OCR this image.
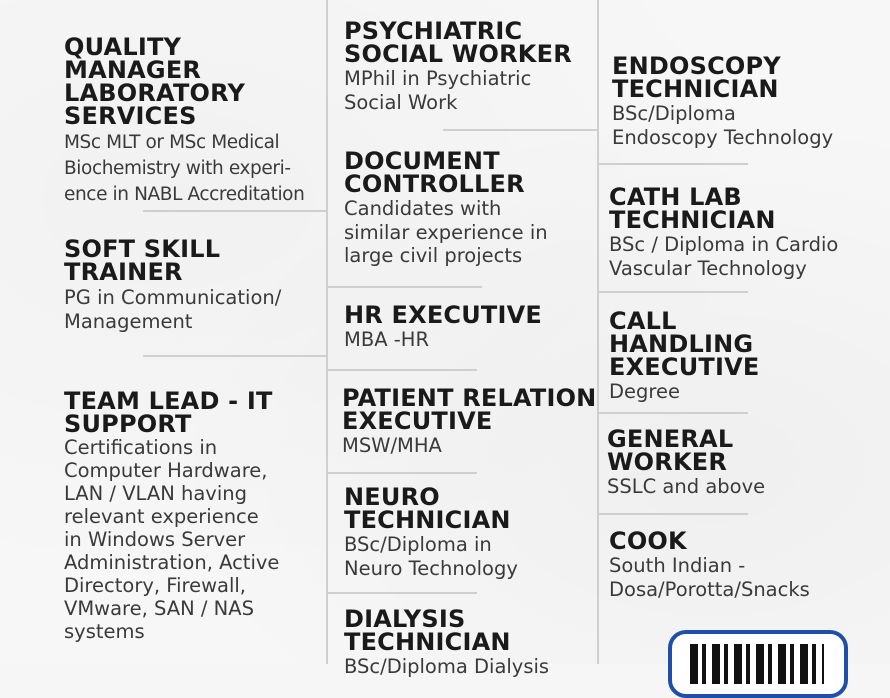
QUALITY MANAGER
LABORATORY
SERVICES
MSc MLT or MSc Medical
Biochemistry with experi-
ence in NABL Accreditation
SOFT SKILL
TRAINER
PG in Communication/
Management
TEAM LEAD - IT
SUPPORT
Certifications in
Computer Hardware,
LAN / VLAN having
relevant experience
in Windows Server
Administration, Active
Directory, Firewall,
VMware, SAN / NAS
systems
PSYCHIATRIC
SOCIAL WORKER
MPhil in Psychiatric
Social Work
DOCUMENT
CONTROLLER
Candidates with
similar experience in
large civil projects
HR EXECUTIVE
MBA -HR
PATIENT RELATION
EXECUTIVE
MSW/MHA
NEURO
TECHNICIAN
BSc/Diploma in
Neuro Technology
DIALYSIS
TECHNICIAN
BSc/Diploma Dialysis
ENDOSCOPY
TECHNICIAN
BSc/Diploma
Endoscopy Technology
CATH LAB
TECHNICIAN
BSc / Diploma in Cardio
Vascular Technology
CALL
HANDLING
EXECUTIVE
Degree
GENERAL
WORKER
SSLC and above
COOK
South Indian -
Dosa/Porotta/Snacks
